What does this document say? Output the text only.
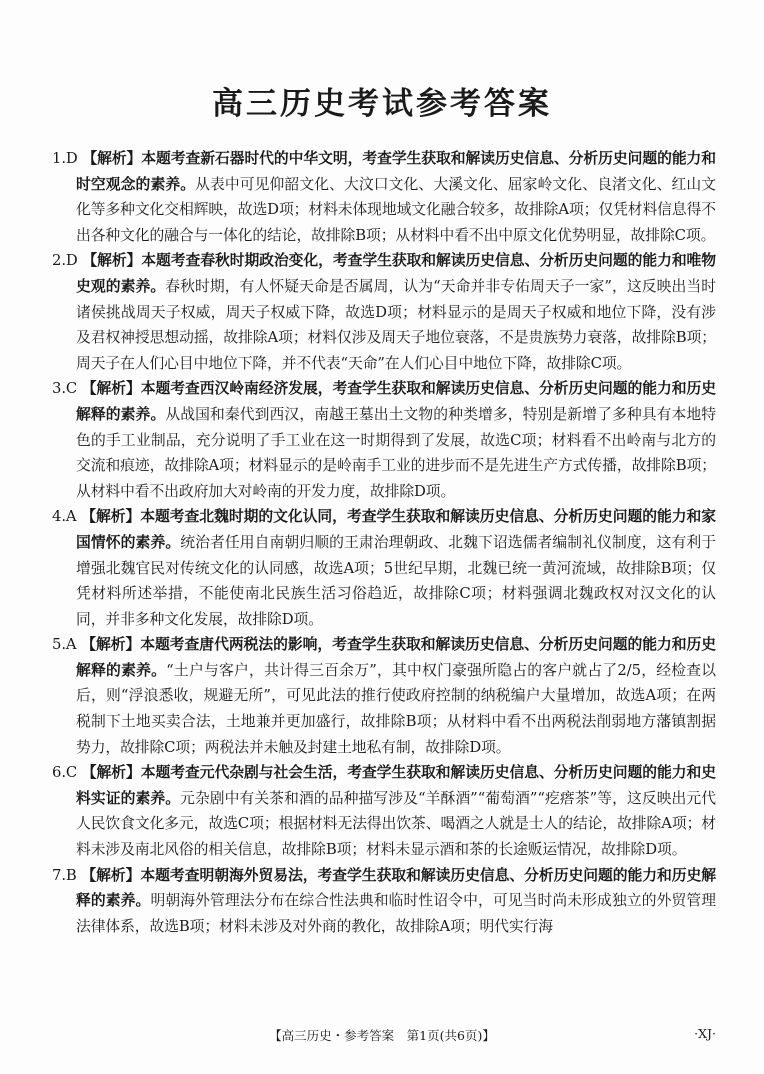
高三历史考试参考答案

1.D 【解析】本题考查新石器时代的中华文明，考查学生获取和解读历史信息、分析历史问题的能力和时空观念的素养。从表中可见仰韶文化、大汶口文化、大溪文化、屈家岭文化、良渚文化、红山文化等多种文化交相辉映，故选D项；材料未体现地域文化融合较多，故排除A项；仅凭材料信息得不出各种文化的融合与一体化的结论，故排除B项；从材料中看不出中原文化优势明显，故排除C项。

2.D 【解析】本题考查春秋时期政治变化，考查学生获取和解读历史信息、分析历史问题的能力和唯物史观的素养。春秋时期，有人怀疑天命是否属周，认为“天命并非专佑周天子一家”，这反映出当时诸侯挑战周天子权威，周天子权威下降，故选D项；材料显示的是周天子权威和地位下降，没有涉及君权神授思想动摇，故排除A项；材料仅涉及周天子地位衰落，不是贵族势力衰落，故排除B项；周天子在人们心目中地位下降，并不代表“天命”在人们心目中地位下降，故排除C项。

3.C 【解析】本题考查西汉岭南经济发展，考查学生获取和解读历史信息、分析历史问题的能力和历史解释的素养。从战国和秦代到西汉，南越王墓出土文物的种类增多，特别是新增了多种具有本地特色的手工业制品，充分说明了手工业在这一时期得到了发展，故选C项；材料看不出岭南与北方的交流和痕迹，故排除A项；材料显示的是岭南手工业的进步而不是先进生产方式传播，故排除B项；从材料中看不出政府加大对岭南的开发力度，故排除D项。

4.A 【解析】本题考查北魏时期的文化认同，考查学生获取和解读历史信息、分析历史问题的能力和家国情怀的素养。统治者任用自南朝归顺的王肃治理朝政、北魏下诏选儒者编制礼仪制度，这有利于增强北魏官民对传统文化的认同感，故选A项；5世纪早期，北魏已统一黄河流域，故排除B项；仅凭材料所述举措，不能使南北民族生活习俗趋近，故排除C项；材料强调北魏政权对汉文化的认同，并非多种文化发展，故排除D项。

5.A 【解析】本题考查唐代两税法的影响，考查学生获取和解读历史信息、分析历史问题的能力和历史解释的素养。“土户与客户，共计得三百余万”，其中权门豪强所隐占的客户就占了2/5，经检查以后，则“浮浪悉收，规避无所”，可见此法的推行使政府控制的纳税编户大量增加，故选A项；在两税制下土地买卖合法，土地兼并更加盛行，故排除B项；从材料中看不出两税法削弱地方藩镇割据势力，故排除C项；两税法并未触及封建土地私有制，故排除D项。

6.C 【解析】本题考查元代杂剧与社会生活，考查学生获取和解读历史信息、分析历史问题的能力和史料实证的素养。元杂剧中有关茶和酒的品种描写涉及“羊酥酒”“葡萄酒”“疙瘩茶”等，这反映出元代人民饮食文化多元，故选C项；根据材料无法得出饮茶、喝酒之人就是士人的结论，故排除A项；材料未涉及南北风俗的相关信息，故排除B项；材料未显示酒和茶的长途贩运情况，故排除D项。

7.B 【解析】本题考查明朝海外贸易法，考查学生获取和解读历史信息、分析历史问题的能力和历史解释的素养。明朝海外管理法分布在综合性法典和临时性诏令中，可见当时尚未形成独立的外贸管理法律体系，故选B项；材料未涉及对外商的教化，故排除A项；明代实行海

【高三历史・参考答案　第1页(共6页)】	·XJ·
